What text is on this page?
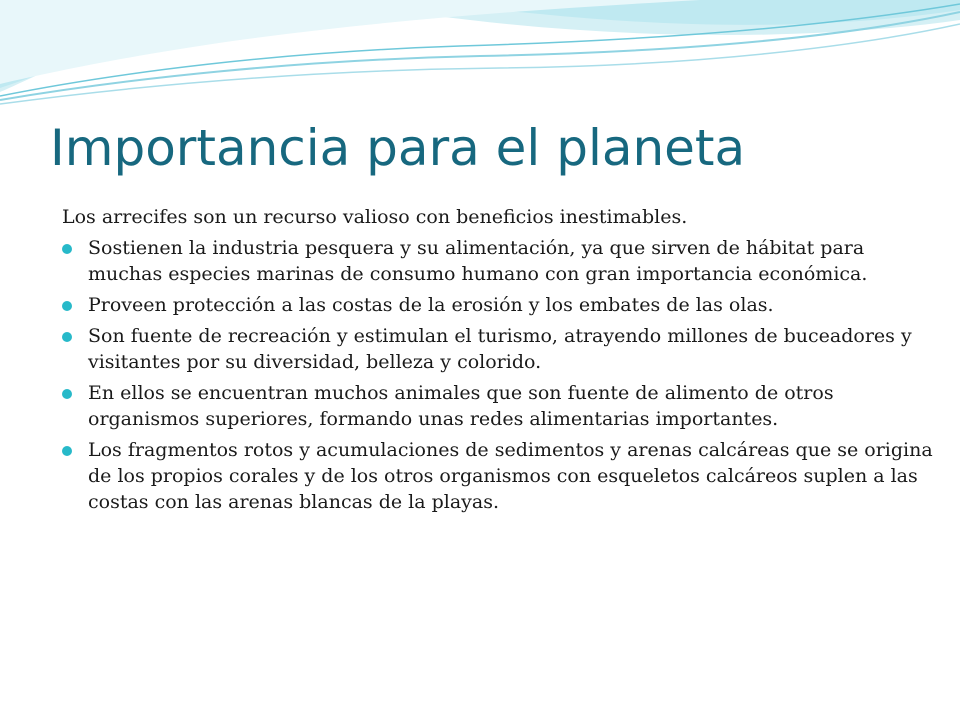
Importancia para el planeta

Los arrecifes son un recurso valioso con beneficios inestimables.

Sostienen la industria pesquera y su alimentación, ya que sirven de hábitat para muchas especies marinas de consumo humano con gran importancia económica.
Proveen protección a las costas de la erosión y los embates de las olas.
Son fuente de recreación y estimulan el turismo, atrayendo millones de buceadores y visitantes por su diversidad, belleza y colorido.
En ellos se encuentran muchos animales que son fuente de alimento de otros organismos superiores, formando unas redes alimentarias importantes.
Los fragmentos rotos y acumulaciones de sedimentos y arenas calcáreas que se origina de los propios corales y de los otros organismos con esqueletos calcáreos suplen a las costas con las arenas blancas de la playas.
